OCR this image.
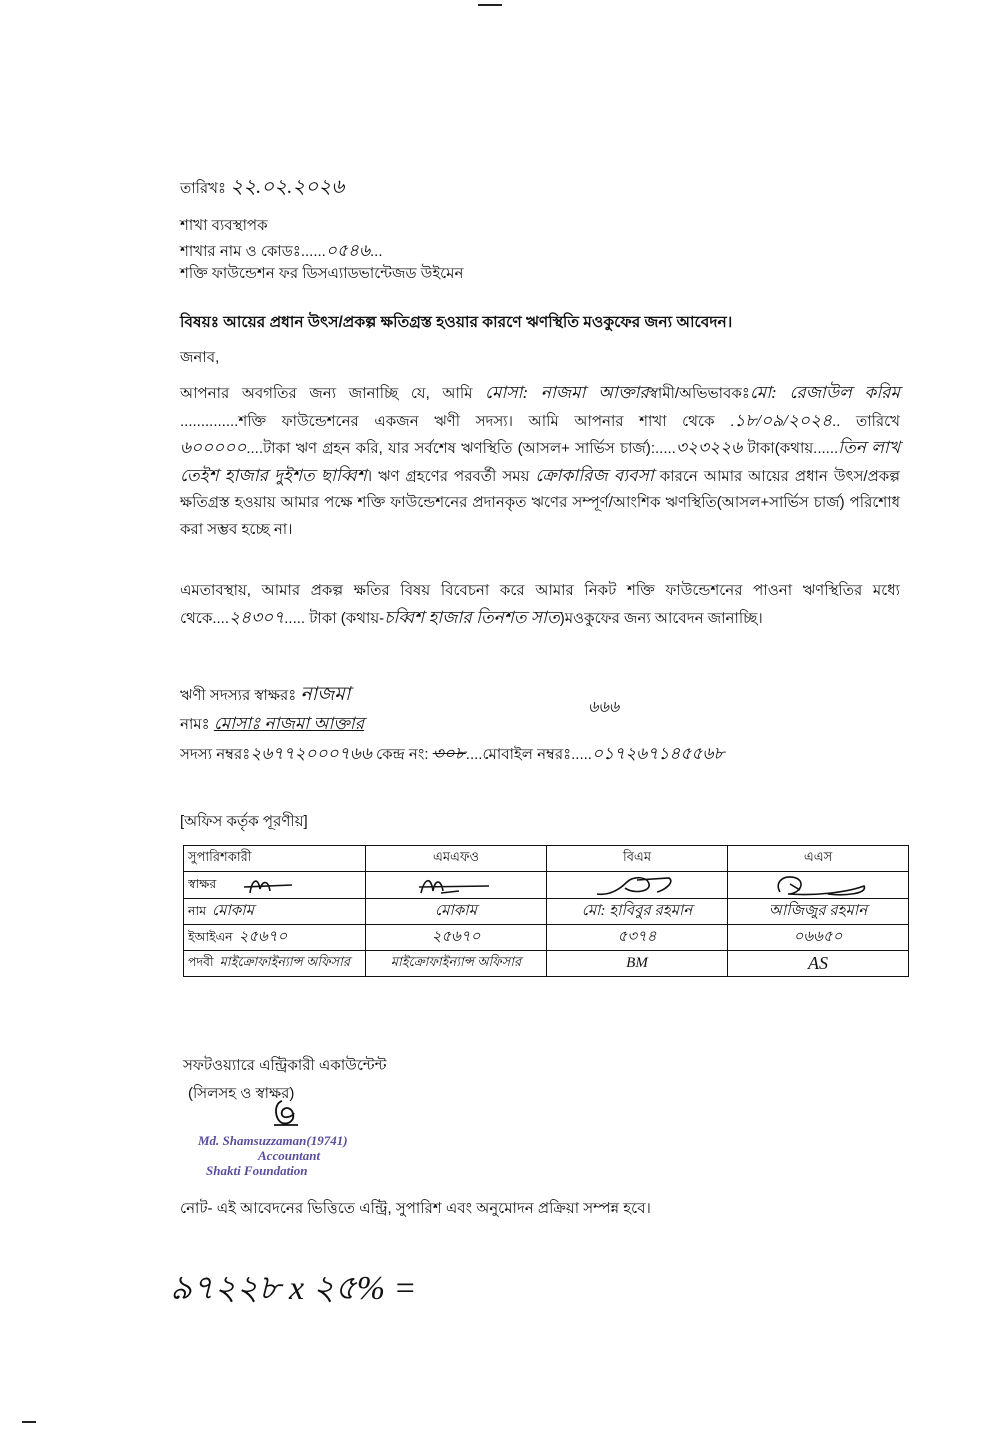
তারিখঃ ২২.০২.২০২৬
শাখা ব্যবস্থাপক
শাখার নাম ও কোডঃ......০৫৪৬...
শক্তি ফাউন্ডেশন ফর ডিসএ্যাডভান্টেজড উইমেন
বিষয়ঃ আয়ের প্রধান উৎস/প্রকল্প ক্ষতিগ্রস্ত হওয়ার কারণে ঋণস্থিতি মওকুফের জন্য আবেদন।
জনাব,
আপনার অবগতির জন্য জানাচ্ছি যে, আমি মোসা: নাজমা আক্তারস্বামী/অভিভাবকঃমো: রেজাউল করিম ..............শক্তি ফাউন্ডেশনের একজন ঋণী সদস্য। আমি আপনার শাখা থেকে .১৮/০৯/২০২৪.. তারিখে ৬০০০০০....টাকা ঋণ গ্রহন করি, যার সর্বশেষ ঋণস্থিতি (আসল+ সার্ভিস চার্জ):.....৩২৩২২৬ টাকা(কথায়......তিন লাখ তেইশ হাজার দুইশত ছাব্বিশ। ঋণ গ্রহণের পরবর্তী সময় ক্রোকারিজ ব্যবসা কারনে আমার আয়ের প্রধান উৎস/প্রকল্প ক্ষতিগ্রস্ত হওয়ায় আমার পক্ষে শক্তি ফাউন্ডেশনের প্রদানকৃত ঋণের সম্পূর্ণ/আংশিক ঋণস্থিতি(আসল+সার্ভিস চার্জ) পরিশোধ করা সম্ভব হচ্ছে না।
এমতাবস্থায়, আমার প্রকল্প ক্ষতির বিষয় বিবেচনা করে আমার নিকট শক্তি ফাউন্ডেশনের পাওনা ঋণস্থিতির মধ্যে থেকে....২৪৩০৭..... টাকা (কথায়-চব্বিশ হাজার তিনশত সাত)মওকুফের জন্য আবেদন জানাচ্ছি।
ঋণী সদস্যর স্বাক্ষরঃ নাজমা
নামঃ মোসাঃ নাজমা আক্তার
৬৬৬
সদস্য নম্বরঃ২৬৭৭২০০০৭৬৬ কেন্দ্র নং: ৩০৮....মোবাইল নম্বরঃ.....০১৭২৬৭১৪৫৫৬৮
[অফিস কর্তৃক পূরণীয়]
সুপারিশকারী	এমএফও	বিএম	এএস
স্বাক্ষর			
নাম মোকাম	মোকাম	মো: হাবিবুর রহমান	আজিজুর রহমান
ইআইএন ২৫৬৭০	২৫৬৭০	৫৩৭৪	০৬৬৫০
পদবী মাইক্রোফাইন্যান্স অফিসার	মাইক্রোফাইন্যান্স অফিসার	BM	AS
সফটওয়্যারে এন্ট্রিকারী একাউন্টেন্ট
(সিলসহ ও স্বাক্ষর)
Md. Shamsuzzaman(19741)
Accountant
Shakti Foundation
নোট- এই আবেদনের ভিত্তিতে এন্ট্রি, সুপারিশ এবং অনুমোদন প্রক্রিয়া সম্পন্ন হবে।
৯৭২২৮ x ২৫% =
